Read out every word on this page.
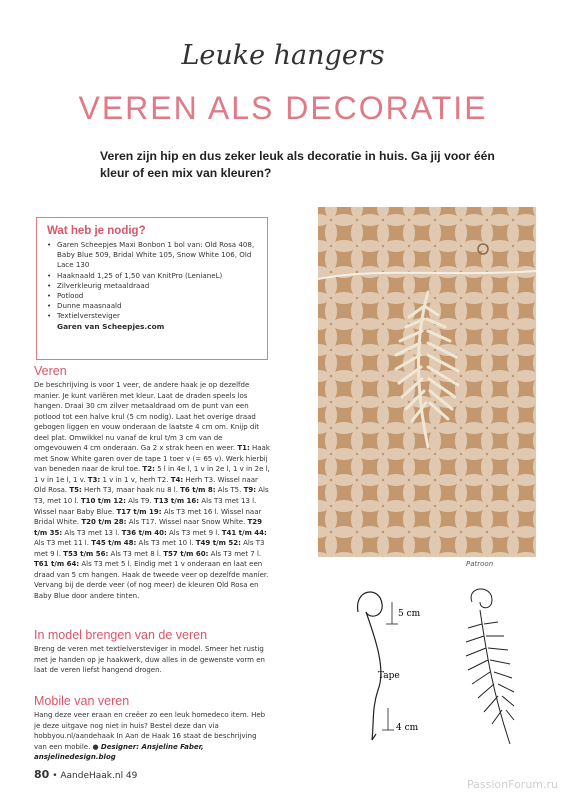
Leuke hangers
VEREN ALS DECORATIE
Veren zijn hip en dus zeker leuk als decoratie in huis. Ga jij voor één kleur of een mix van kleuren?
Wat heb je nodig?
• Garen Scheepjes Maxi Bonbon 1 bol van: Old Rosa 408, Baby Blue 509, Bridal White 105, Snow White 106, Old Lace 130
• Haaknaald 1,25 of 1,50 van KnitPro (LenianeL)
• Zilverkleurig metaaldraad
• Potlood
• Dunne maasnaald
• Textielversteviger
Garen van Scheepjes.com
Veren
De beschrijving is voor 1 veer, de andere haak je op dezelfde manier. Je kunt variëren met kleur. Laat de draden speels los hangen. Draai 30 cm zilver metaaldraad om de punt van een potlood tot een halve krul (5 cm nodig). Laat het overige draad gebogen liggen en vouw onderaan de laatste 4 cm om. Knijp dit deel plat. Omwikkel nu vanaf de krul t/m 3 cm van de omgevouwen 4 cm onderaan. Ga 2 x strak heen en weer. T1: Haak met Snow White garen over de tape 1 toer v (= 65 v). Werk hierbij van beneden naar de krul toe. T2: 5 l in 4e l, 1 v in 2e l, 1 v in 2e l, 1 v in 1e l, 1 v. T3: 1 v in 1 v, herh T2. T4: Herh T3. Wissel naar Old Rosa. T5: Herh T3, maar haak nu 8 l. T6 t/m 8: Als T5. T9: Als T3, met 10 l. T10 t/m 12: Als T9. T13 t/m 16: Als T3 met 13 l. Wissel naar Baby Blue. T17 t/m 19: Als T3 met 16 l. Wissel naar Bridal White. T20 t/m 28: Als T17. Wissel naar Snow White. T29 t/m 35: Als T3 met 13 l. T36 t/m 40: Als T3 met 9 l. T41 t/m 44: Als T3 met 11 l. T45 t/m 48: Als T3 met 10 l. T49 t/m 52: Als T3 met 9 l. T53 t/m 56: Als T3 met 8 l. T57 t/m 60: Als T3 met 7 l. T61 t/m 64: Als T3 met 5 l. Eindig met 1 v onderaan en laat een draad van 5 cm hangen. Haak de tweede veer op dezelfde manier. Vervang bij de derde veer (of nog meer) de kleuren Old Rosa en Baby Blue door andere tinten.
In model brengen van de veren
Breng de veren met textielversteviger in model. Smeer het rustig met je handen op je haakwerk, duw alles in de gewenste vorm en laat de veren liefst hangend drogen.
Mobile van veren
Hang deze veer eraan en creëer zo een leuk homedeco item. Heb je deze uitgave nog niet in huis? Bestel deze dan via hobbyou.nl/aandehaak In Aan de Haak 16 staat de beschrijving van een mobile. ● Designer: Ansjeline Faber, ansjelinedesign.blog
Patroon
5 cm
Tape
4 cm
80 • AandeHaak.nl 49
PassionForum.ru
